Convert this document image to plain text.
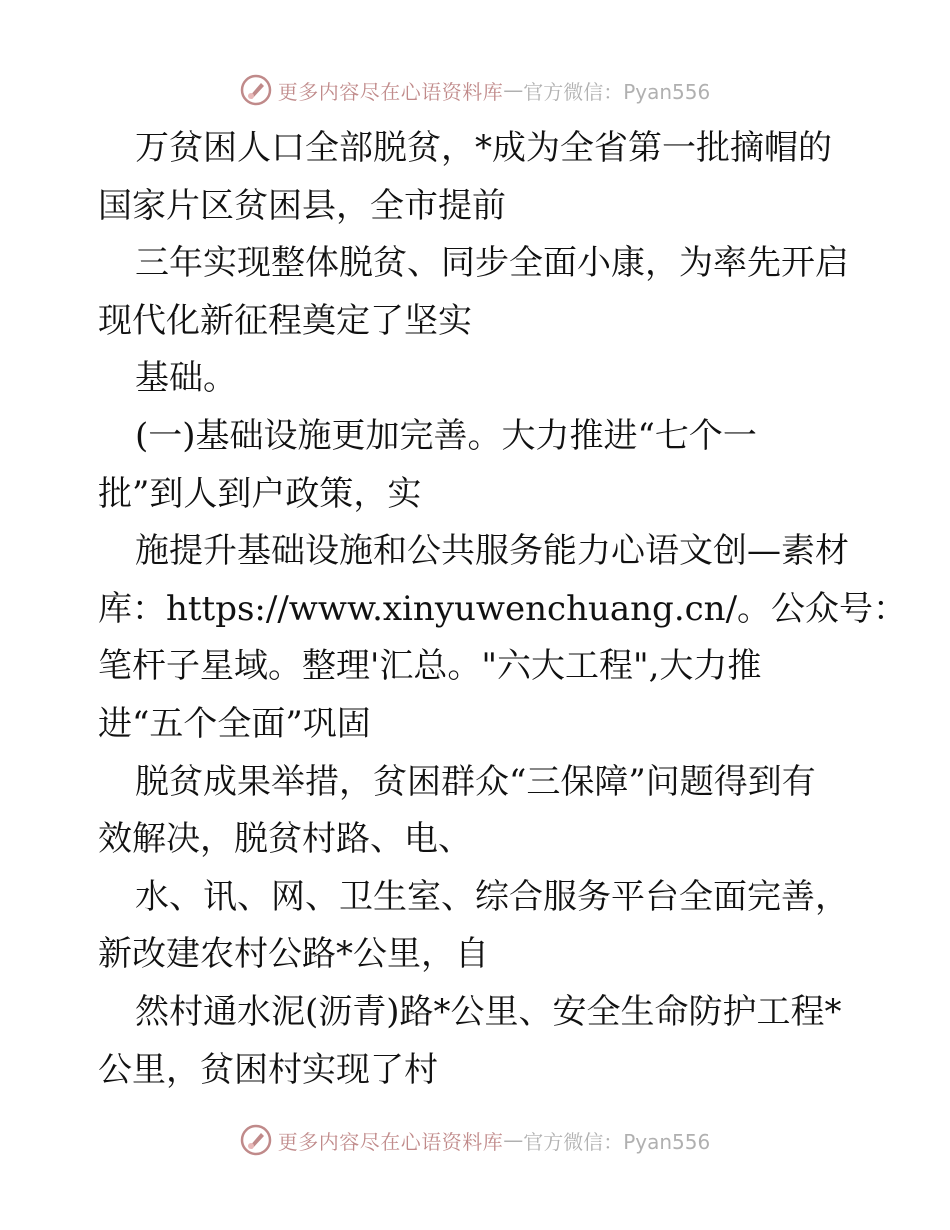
更多内容尽在心语资料库 — 官方微信：Pyan556
万贫困人口全部脱贫，*成为全省第一批摘帽的
国家片区贫困县，全市提前
三年实现整体脱贫、同步全面小康，为率先开启
现代化新征程奠定了坚实
基础。
(一)基础设施更加完善。大力推进“七个一
批”到人到户政策，实
施提升基础设施和公共服务能力心语文创—素材
库：https://www.xinyuwenchuang.cn/。公众号：
笔杆子星域。整理'汇总。"六大工程",大力推
进“五个全面”巩固
脱贫成果举措，贫困群众“三保障”问题得到有
效解决，脱贫村路、电、
水、讯、网、卫生室、综合服务平台全面完善，
新改建农村公路*公里，自
然村通水泥(沥青)路*公里、安全生命防护工程*
公里，贫困村实现了村
更多内容尽在心语资料库 — 官方微信：Pyan556
